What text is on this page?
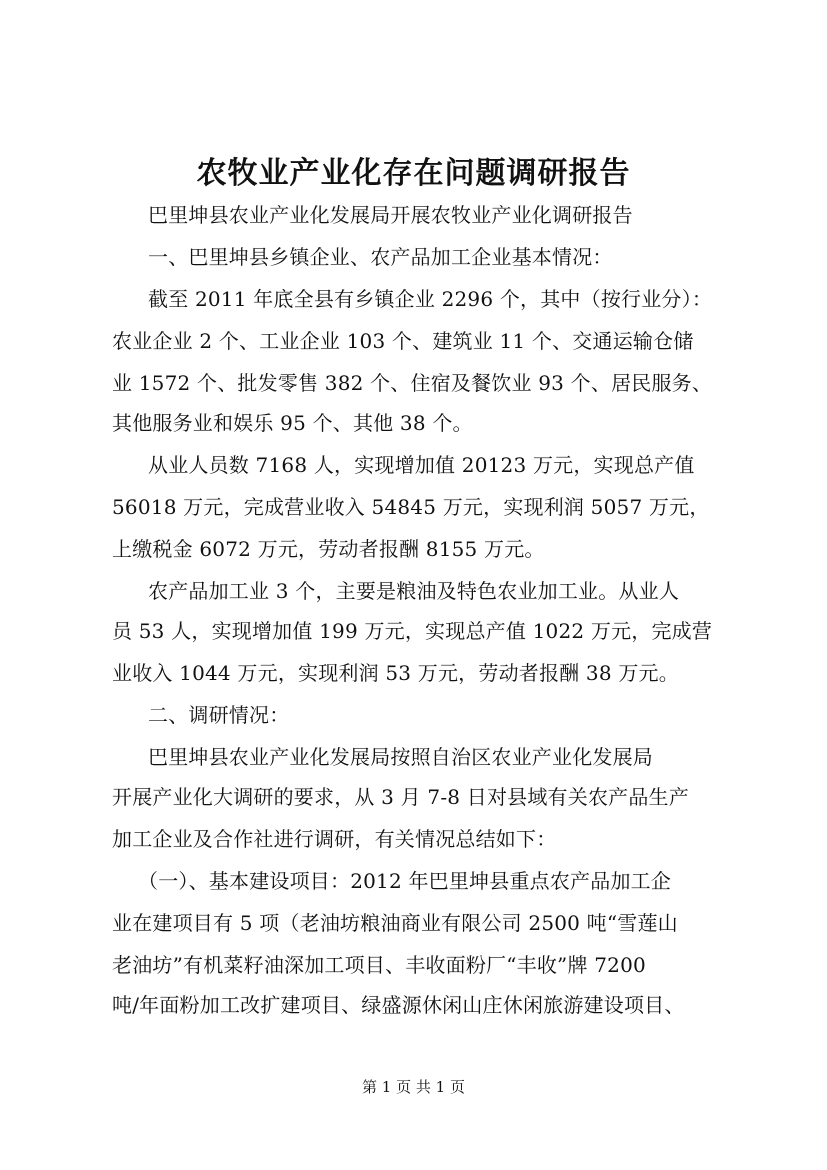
农牧业产业化存在问题调研报告
巴里坤县农业产业化发展局开展农牧业产业化调研报告
一、巴里坤县乡镇企业、农产品加工企业基本情况：
截至 2011 年底全县有乡镇企业 2296 个，其中（按行业分）：
农业企业 2 个、工业企业 103 个、建筑业 11 个、交通运输仓储
业 1572 个、批发零售 382 个、住宿及餐饮业 93 个、居民服务、
其他服务业和娱乐 95 个、其他 38 个。
从业人员数 7168 人，实现增加值 20123 万元，实现总产值
56018 万元，完成营业收入 54845 万元，实现利润 5057 万元，
上缴税金 6072 万元，劳动者报酬 8155 万元。
农产品加工业 3 个，主要是粮油及特色农业加工业。从业人
员 53 人，实现增加值 199 万元，实现总产值 1022 万元，完成营
业收入 1044 万元，实现利润 53 万元，劳动者报酬 38 万元。
二、调研情况：
巴里坤县农业产业化发展局按照自治区农业产业化发展局
开展产业化大调研的要求，从 3 月 7-8 日对县域有关农产品生产
加工企业及合作社进行调研，有关情况总结如下：
（一）、基本建设项目：2012 年巴里坤县重点农产品加工企
业在建项目有 5 项（老油坊粮油商业有限公司 2500 吨“雪莲山
老油坊”有机菜籽油深加工项目、丰收面粉厂“丰收”牌 7200
吨/年面粉加工改扩建项目、绿盛源休闲山庄休闲旅游建设项目、
第 1 页 共 1 页
